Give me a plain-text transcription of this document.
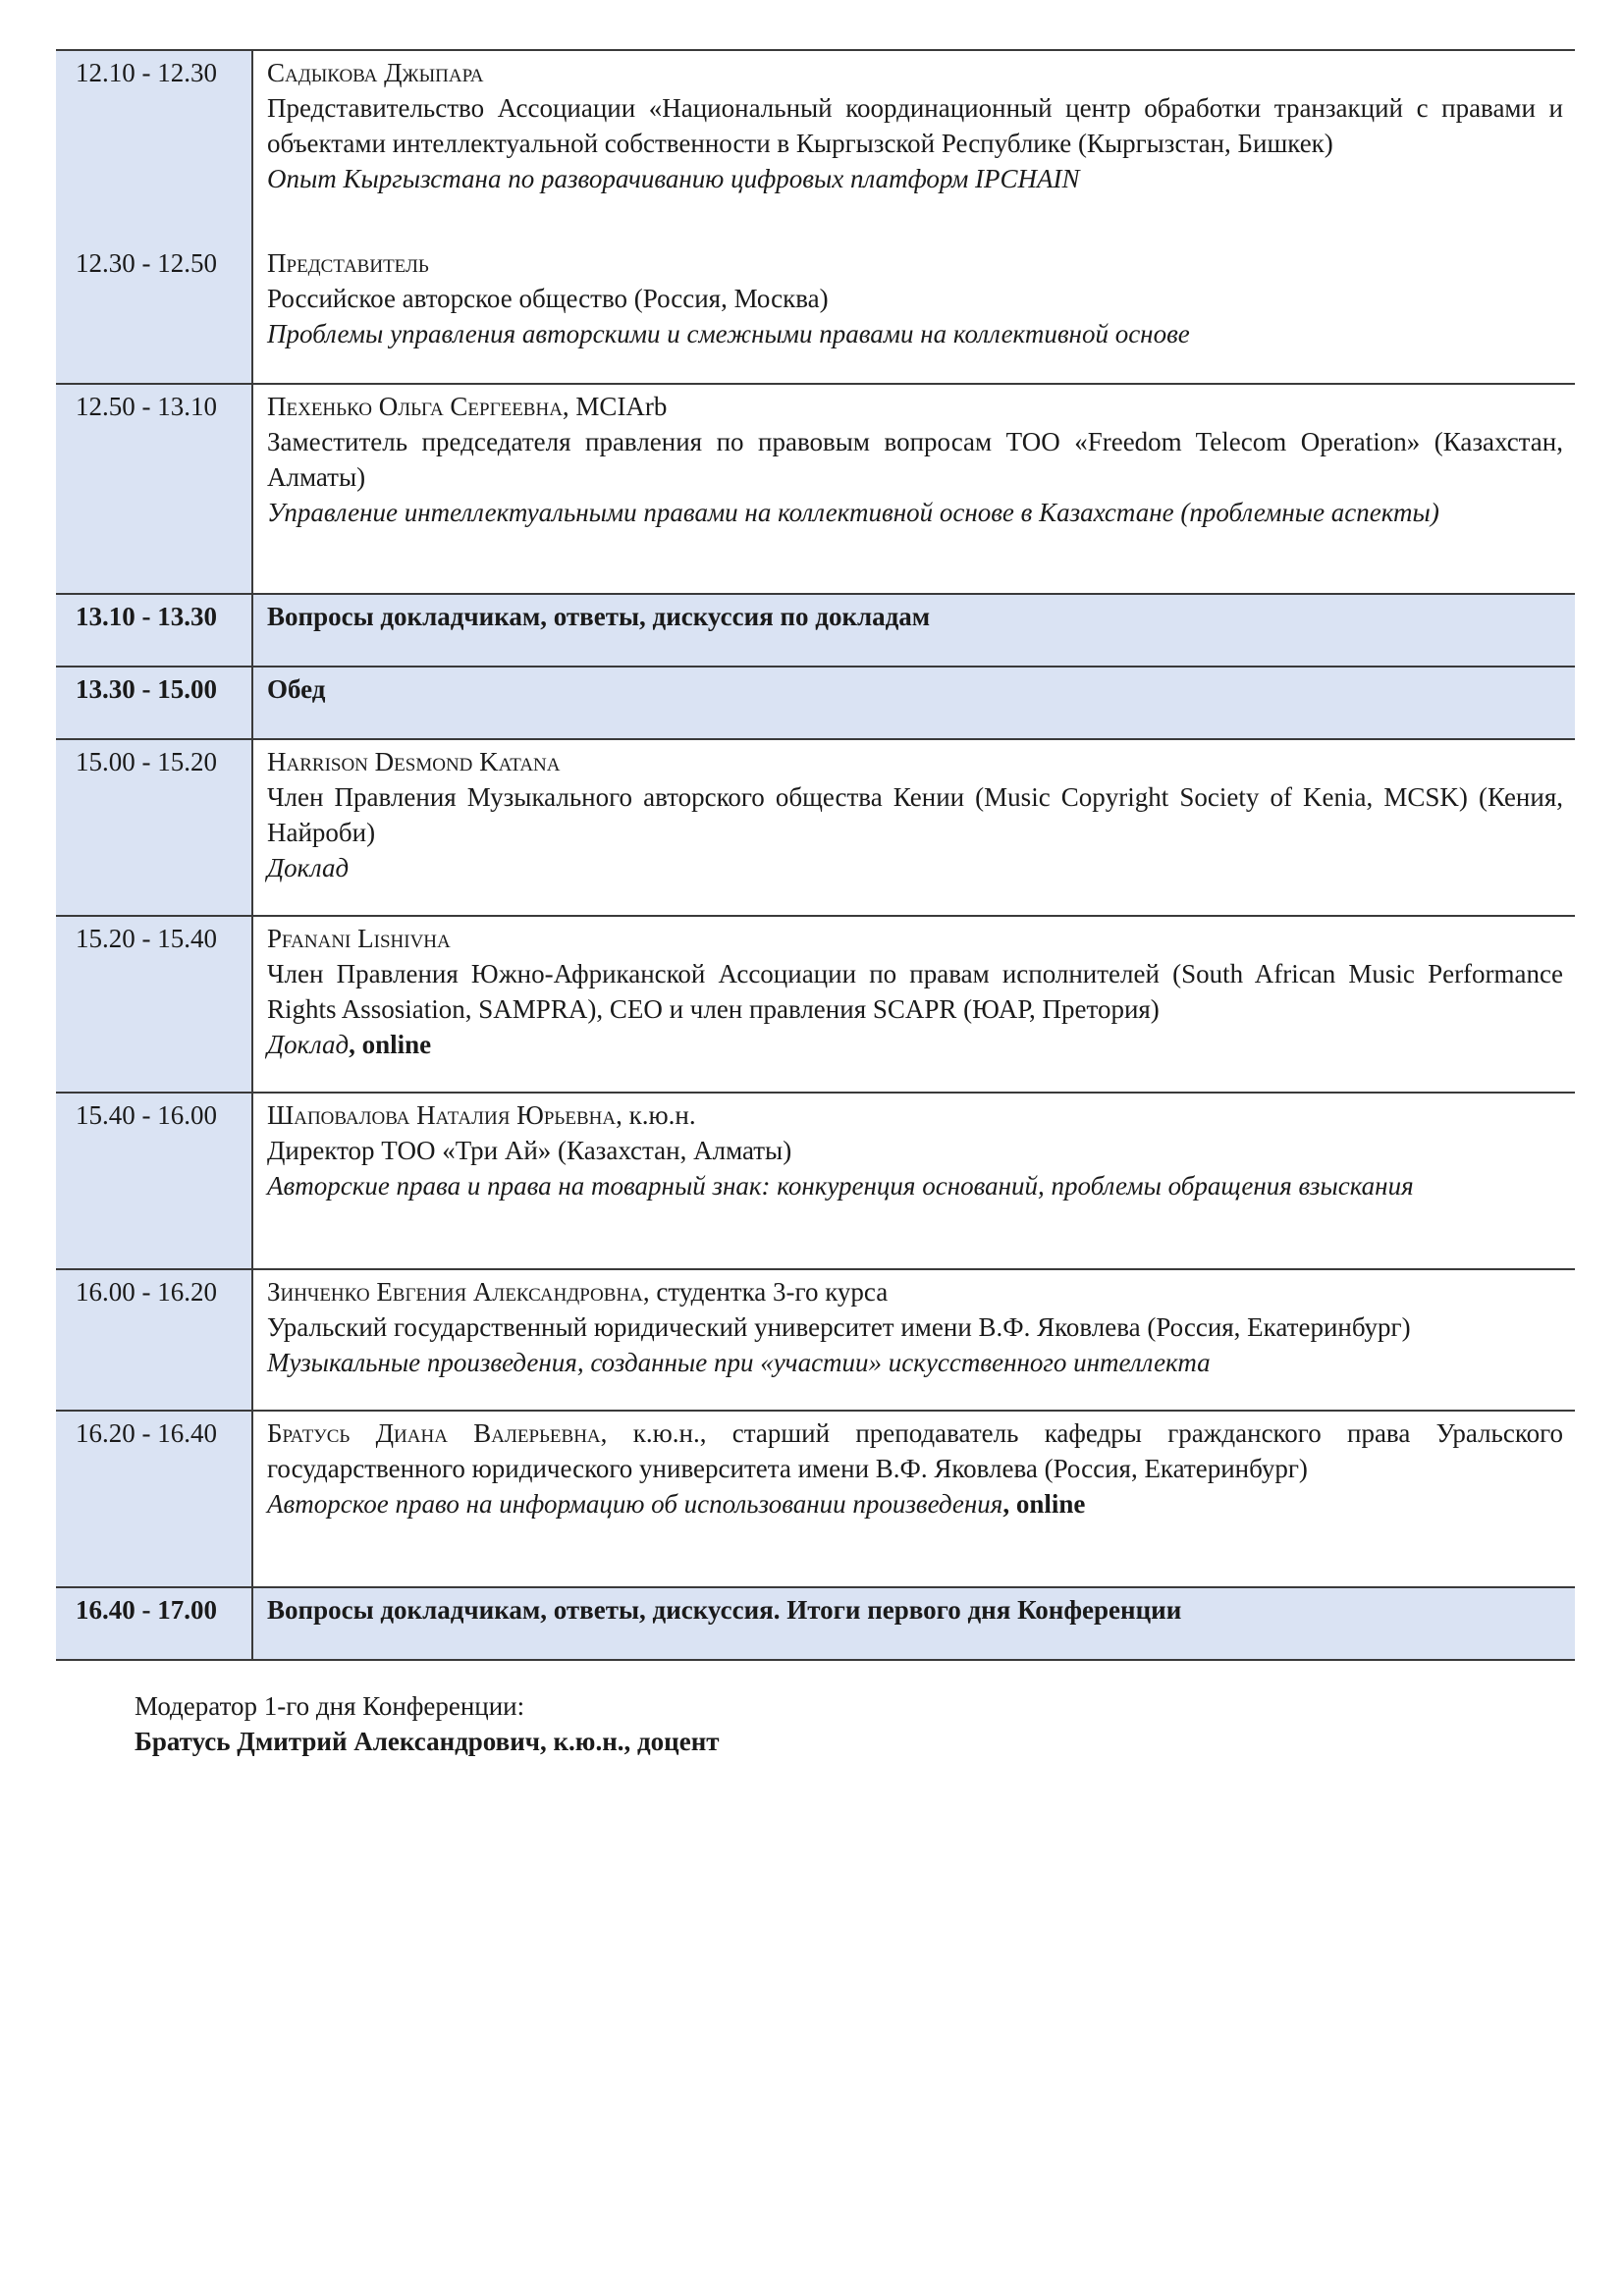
12.10 - 12.30	Садыкова Джыпара
Представительство Ассоциации «Национальный координационный центр обработки транзакций с правами и объектами интеллектуальной собственности в Кыргызской Республике (Кыргызстан, Бишкек)
Опыт Кыргызстана по разворачиванию цифровых платформ IPCHAIN

12.30 - 12.50	Представитель
Российское авторское общество (Россия, Москва)
Проблемы управления авторскими и смежными правами на коллективной основе

12.50 - 13.10	Пехенько Ольга Сергеевна, MCIArb
Заместитель председателя правления по правовым вопросам ТОО «Freedom Telecom Operation» (Казахстан, Алматы)
Управление интеллектуальными правами на коллективной основе в Казахстане (проблемные аспекты)

13.10 - 13.30	Вопросы докладчикам, ответы, дискуссия по докладам
13.30 - 15.00	Обед
15.00 - 15.20	Harrison Desmond Katana
Член Правления Музыкального авторского общества Кении (Music Copyright Society of Kenia, MCSK) (Кения, Найроби)
Доклад

15.20 - 15.40	Pfanani Lishivha
Член Правления Южно-Африканской Ассоциации по правам исполнителей (South African Music Performance Rights Assosiation, SAMPRA), CEO и член правления SCAPR (ЮАР, Претория)
Доклад, online

15.40 - 16.00	Шаповалова Наталия Юрьевна, к.ю.н.
Директор ТОО «Три Ай» (Казахстан, Алматы)
Авторские права и права на товарный знак: конкуренция оснований, проблемы обращения взыскания

16.00 - 16.20	Зинченко Евгения Александровна, студентка 3-го курса
Уральский государственный юридический университет имени В.Ф. Яковлева (Россия, Екатеринбург)
Музыкальные произведения, созданные при «участии» искусственного интеллекта

16.20 - 16.40	Братусь Диана Валерьевна, к.ю.н., старший преподаватель кафедры гражданского права Уральского государственного юридического университета имени В.Ф. Яковлева (Россия, Екатеринбург)
Авторское право на информацию об использовании произведения, online

16.40 - 17.00	Вопросы докладчикам, ответы, дискуссия. Итоги первого дня Конференции
Модератор 1-го дня Конференции:
Братусь Дмитрий Александрович, к.ю.н., доцент
